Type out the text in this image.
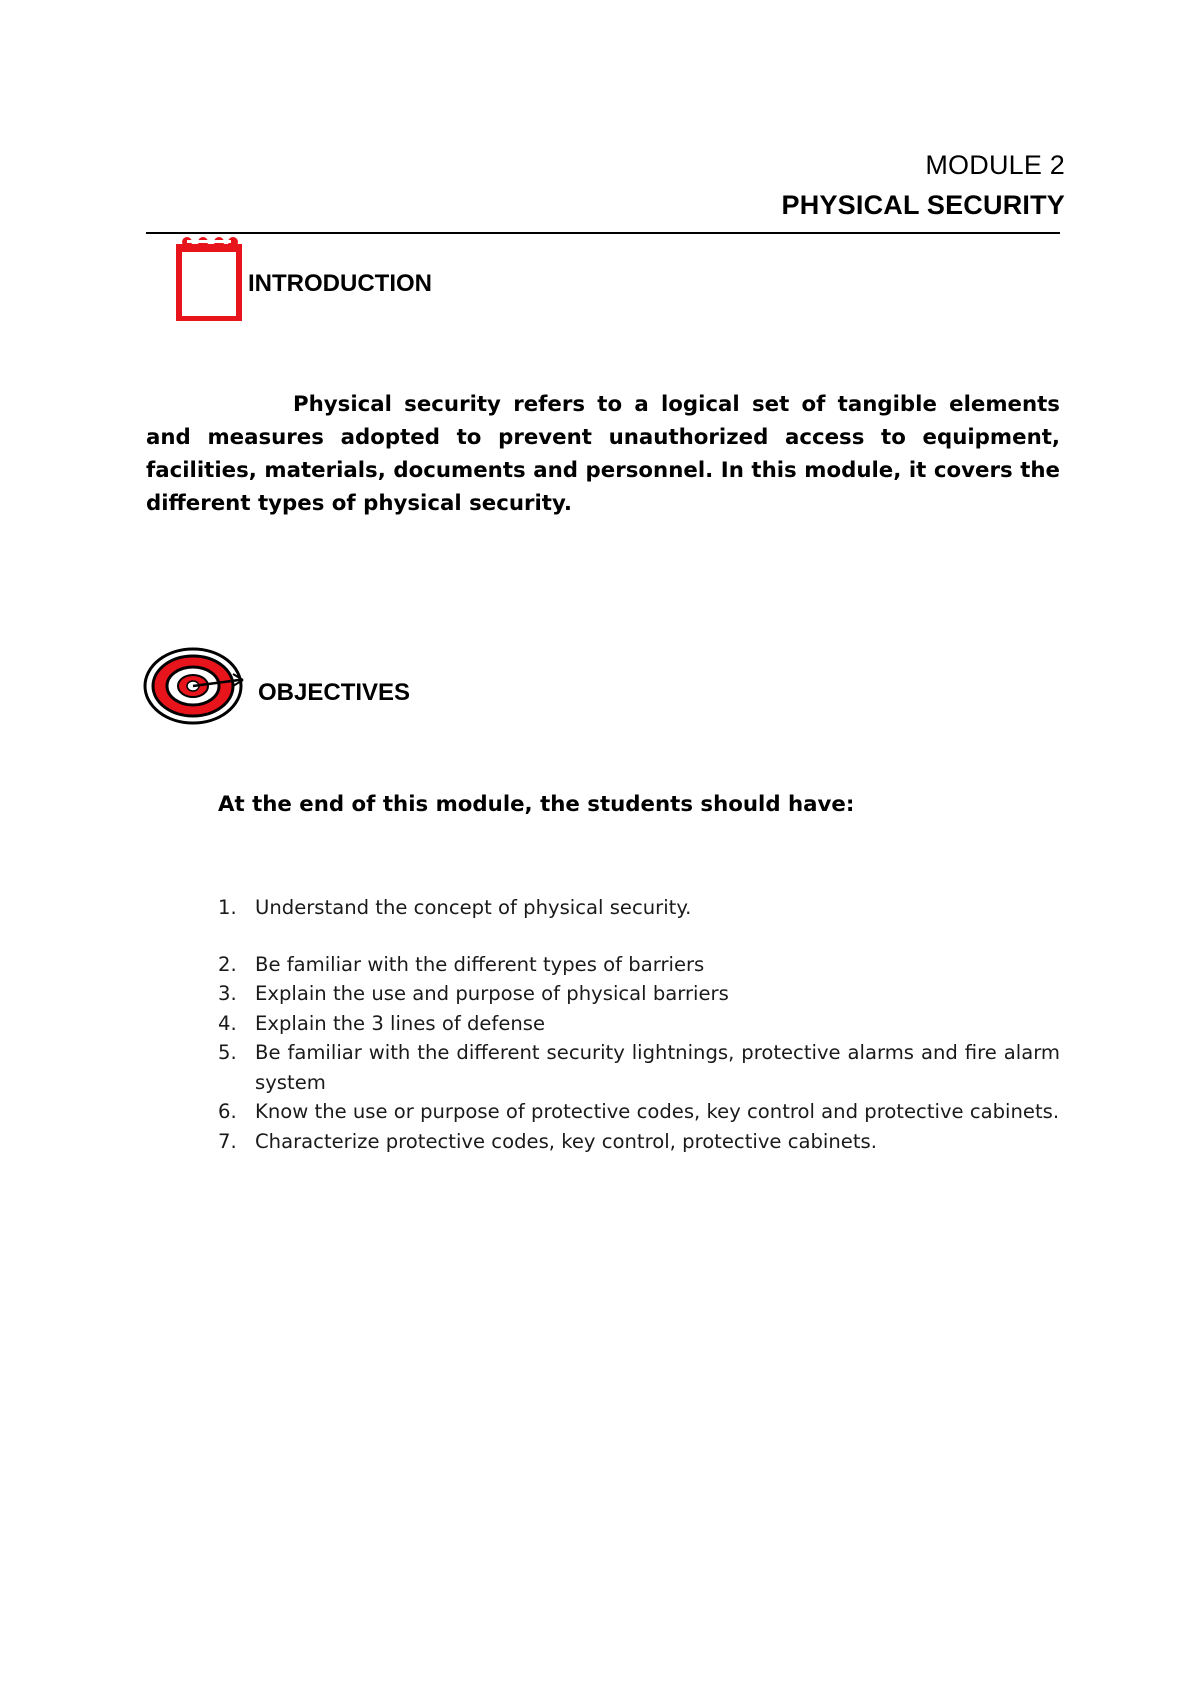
MODULE 2
PHYSICAL SECURITY
INTRODUCTION

Physical security refers to a logical set of tangible elements and measures adopted to prevent unauthorized access to equipment, facilities, materials, documents and personnel. In this module, it covers the different types of physical security.

OBJECTIVES
At the end of this module, the students should have:
1. Understand the concept of physical security.
2. Be familiar with the different types of barriers
3. Explain the use and purpose of physical barriers
4. Explain the 3 lines of defense
5. Be familiar with the different security lightnings, protective alarms and fire alarm system
6. Know the use or purpose of protective codes, key control and protective cabinets.
7. Characterize protective codes, key control, protective cabinets.
